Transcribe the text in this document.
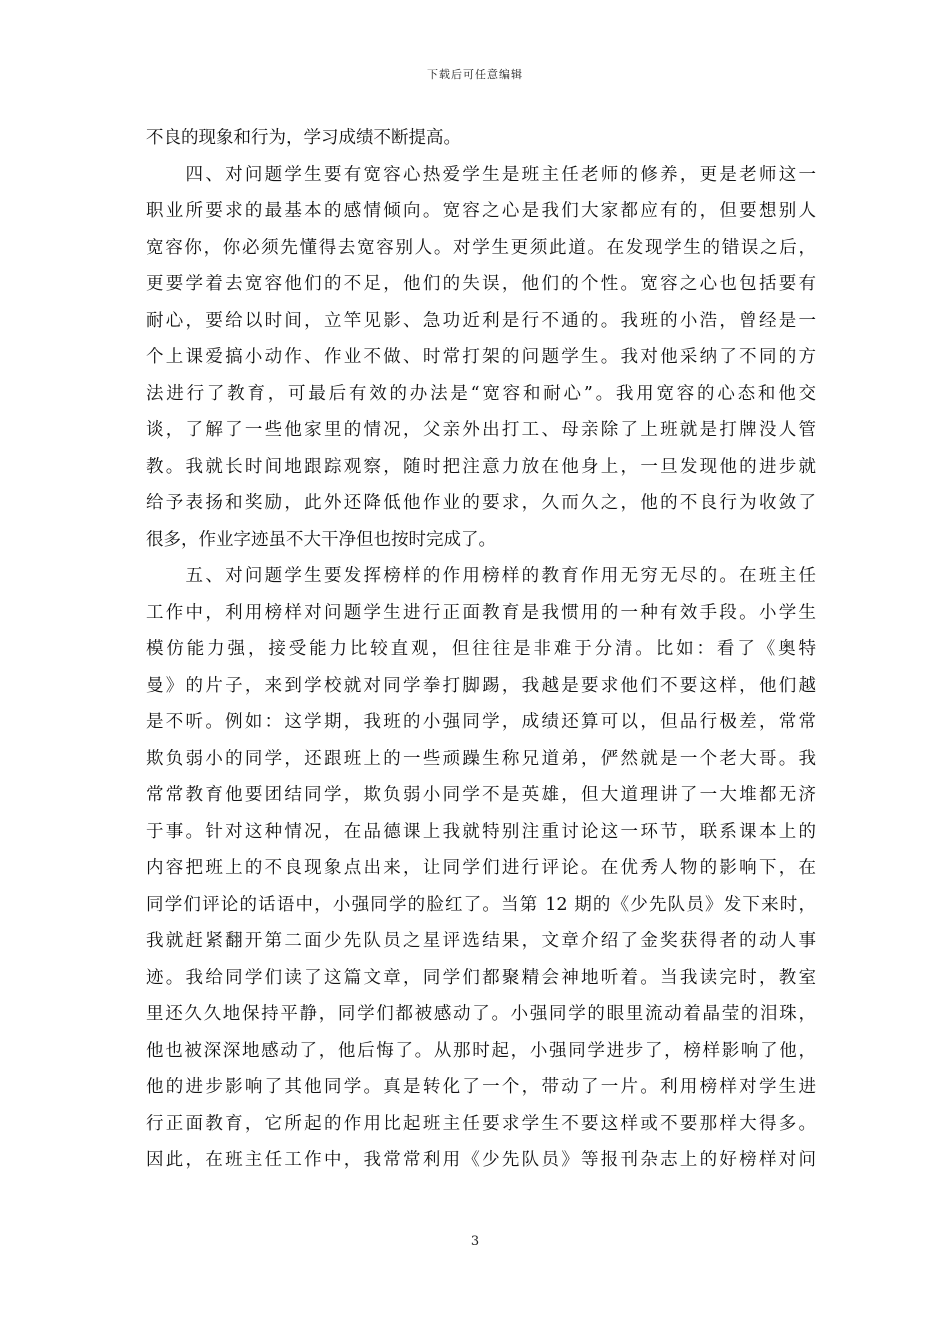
下载后可任意编辑
不良的现象和行为，学习成绩不断提高。
　　四、对问题学生要有宽容心热爱学生是班主任老师的修养，更是老师这一
职业所要求的最基本的感情倾向。宽容之心是我们大家都应有的，但要想别人
宽容你，你必须先懂得去宽容别人。对学生更须此道。在发现学生的错误之后，
更要学着去宽容他们的不足，他们的失误，他们的个性。宽容之心也包括要有
耐心，要给以时间，立竿见影、急功近利是行不通的。我班的小浩，曾经是一
个上课爱搞小动作、作业不做、时常打架的问题学生。我对他采纳了不同的方
法进行了教育，可最后有效的办法是“宽容和耐心”。我用宽容的心态和他交
谈，了解了一些他家里的情况，父亲外出打工、母亲除了上班就是打牌没人管
教。我就长时间地跟踪观察，随时把注意力放在他身上，一旦发现他的进步就
给予表扬和奖励，此外还降低他作业的要求，久而久之，他的不良行为收敛了
很多，作业字迹虽不大干净但也按时完成了。
　　五、对问题学生要发挥榜样的作用榜样的教育作用无穷无尽的。在班主任
工作中，利用榜样对问题学生进行正面教育是我惯用的一种有效手段。小学生
模仿能力强，接受能力比较直观，但往往是非难于分清。比如：看了《奥特
曼》的片子，来到学校就对同学拳打脚踢，我越是要求他们不要这样，他们越
是不听。例如：这学期，我班的小强同学，成绩还算可以，但品行极差，常常
欺负弱小的同学，还跟班上的一些顽躁生称兄道弟，俨然就是一个老大哥。我
常常教育他要团结同学，欺负弱小同学不是英雄，但大道理讲了一大堆都无济
于事。针对这种情况，在品德课上我就特别注重讨论这一环节，联系课本上的
内容把班上的不良现象点出来，让同学们进行评论。在优秀人物的影响下，在
同学们评论的话语中，小强同学的脸红了。当第 12 期的《少先队员》发下来时，
我就赶紧翻开第二面少先队员之星评选结果，文章介绍了金奖获得者的动人事
迹。我给同学们读了这篇文章，同学们都聚精会神地听着。当我读完时，教室
里还久久地保持平静，同学们都被感动了。小强同学的眼里流动着晶莹的泪珠，
他也被深深地感动了，他后悔了。从那时起，小强同学进步了，榜样影响了他，
他的进步影响了其他同学。真是转化了一个，带动了一片。利用榜样对学生进
行正面教育，它所起的作用比起班主任要求学生不要这样或不要那样大得多。
因此，在班主任工作中，我常常利用《少先队员》等报刊杂志上的好榜样对问
3
